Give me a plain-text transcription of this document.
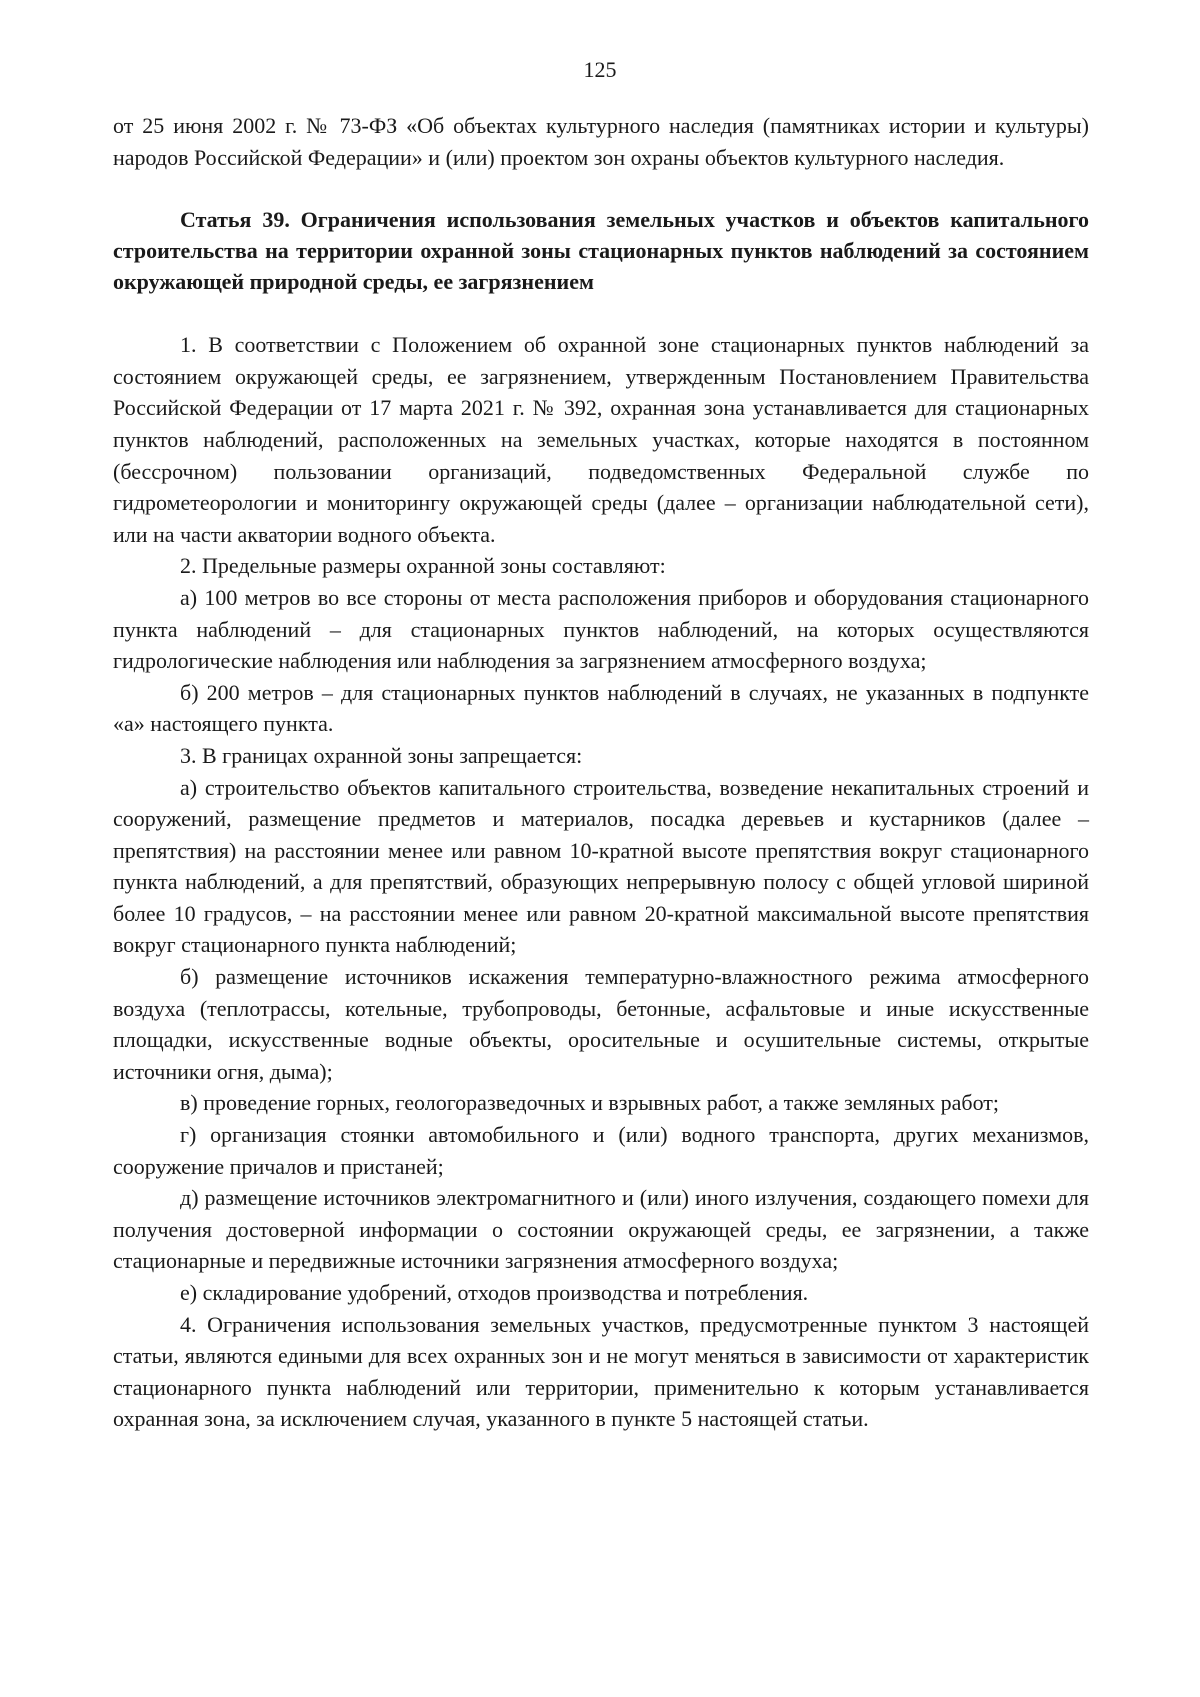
125

от 25 июня 2002 г. № 73-ФЗ «Об объектах культурного наследия (памятниках истории и культуры) народов Российской Федерации» и (или) проектом зон охраны объектов культурного наследия.

Статья 39. Ограничения использования земельных участков и объектов капитального строительства на территории охранной зоны стационарных пунктов наблюдений за состоянием окружающей природной среды, ее загрязнением

1. В соответствии с Положением об охранной зоне стационарных пунктов наблюдений за состоянием окружающей среды, ее загрязнением, утвержденным Постановлением Правительства Российской Федерации от 17 марта 2021 г. № 392, охранная зона устанавливается для стационарных пунктов наблюдений, расположенных на земельных участках, которые находятся в постоянном (бессрочном) пользовании организаций, подведомственных Федеральной службе по гидрометеорологии и мониторингу окружающей среды (далее – организации наблюдательной сети), или на части акватории водного объекта.

2. Предельные размеры охранной зоны составляют:

а) 100 метров во все стороны от места расположения приборов и оборудования стационарного пункта наблюдений – для стационарных пунктов наблюдений, на которых осуществляются гидрологические наблюдения или наблюдения за загрязнением атмосферного воздуха;

б) 200 метров – для стационарных пунктов наблюдений в случаях, не указанных в подпункте «а» настоящего пункта.

3. В границах охранной зоны запрещается:

а) строительство объектов капитального строительства, возведение некапитальных строений и сооружений, размещение предметов и материалов, посадка деревьев и кустарников (далее – препятствия) на расстоянии менее или равном 10-кратной высоте препятствия вокруг стационарного пункта наблюдений, а для препятствий, образующих непрерывную полосу с общей угловой шириной более 10 градусов, – на расстоянии менее или равном 20-кратной максимальной высоте препятствия вокруг стационарного пункта наблюдений;

б) размещение источников искажения температурно-влажностного режима атмосферного воздуха (теплотрассы, котельные, трубопроводы, бетонные, асфальтовые и иные искусственные площадки, искусственные водные объекты, оросительные и осушительные системы, открытые источники огня, дыма);

в) проведение горных, геологоразведочных и взрывных работ, а также земляных работ;

г) организация стоянки автомобильного и (или) водного транспорта, других механизмов, сооружение причалов и пристаней;

д) размещение источников электромагнитного и (или) иного излучения, создающего помехи для получения достоверной информации о состоянии окружающей среды, ее загрязнении, а также стационарные и передвижные источники загрязнения атмосферного воздуха;

е) складирование удобрений, отходов производства и потребления.

4. Ограничения использования земельных участков, предусмотренные пунктом 3 настоящей статьи, являются едиными для всех охранных зон и не могут меняться в зависимости от характеристик стационарного пункта наблюдений или территории, применительно к которым устанавливается охранная зона, за исключением случая, указанного в пункте 5 настоящей статьи.
